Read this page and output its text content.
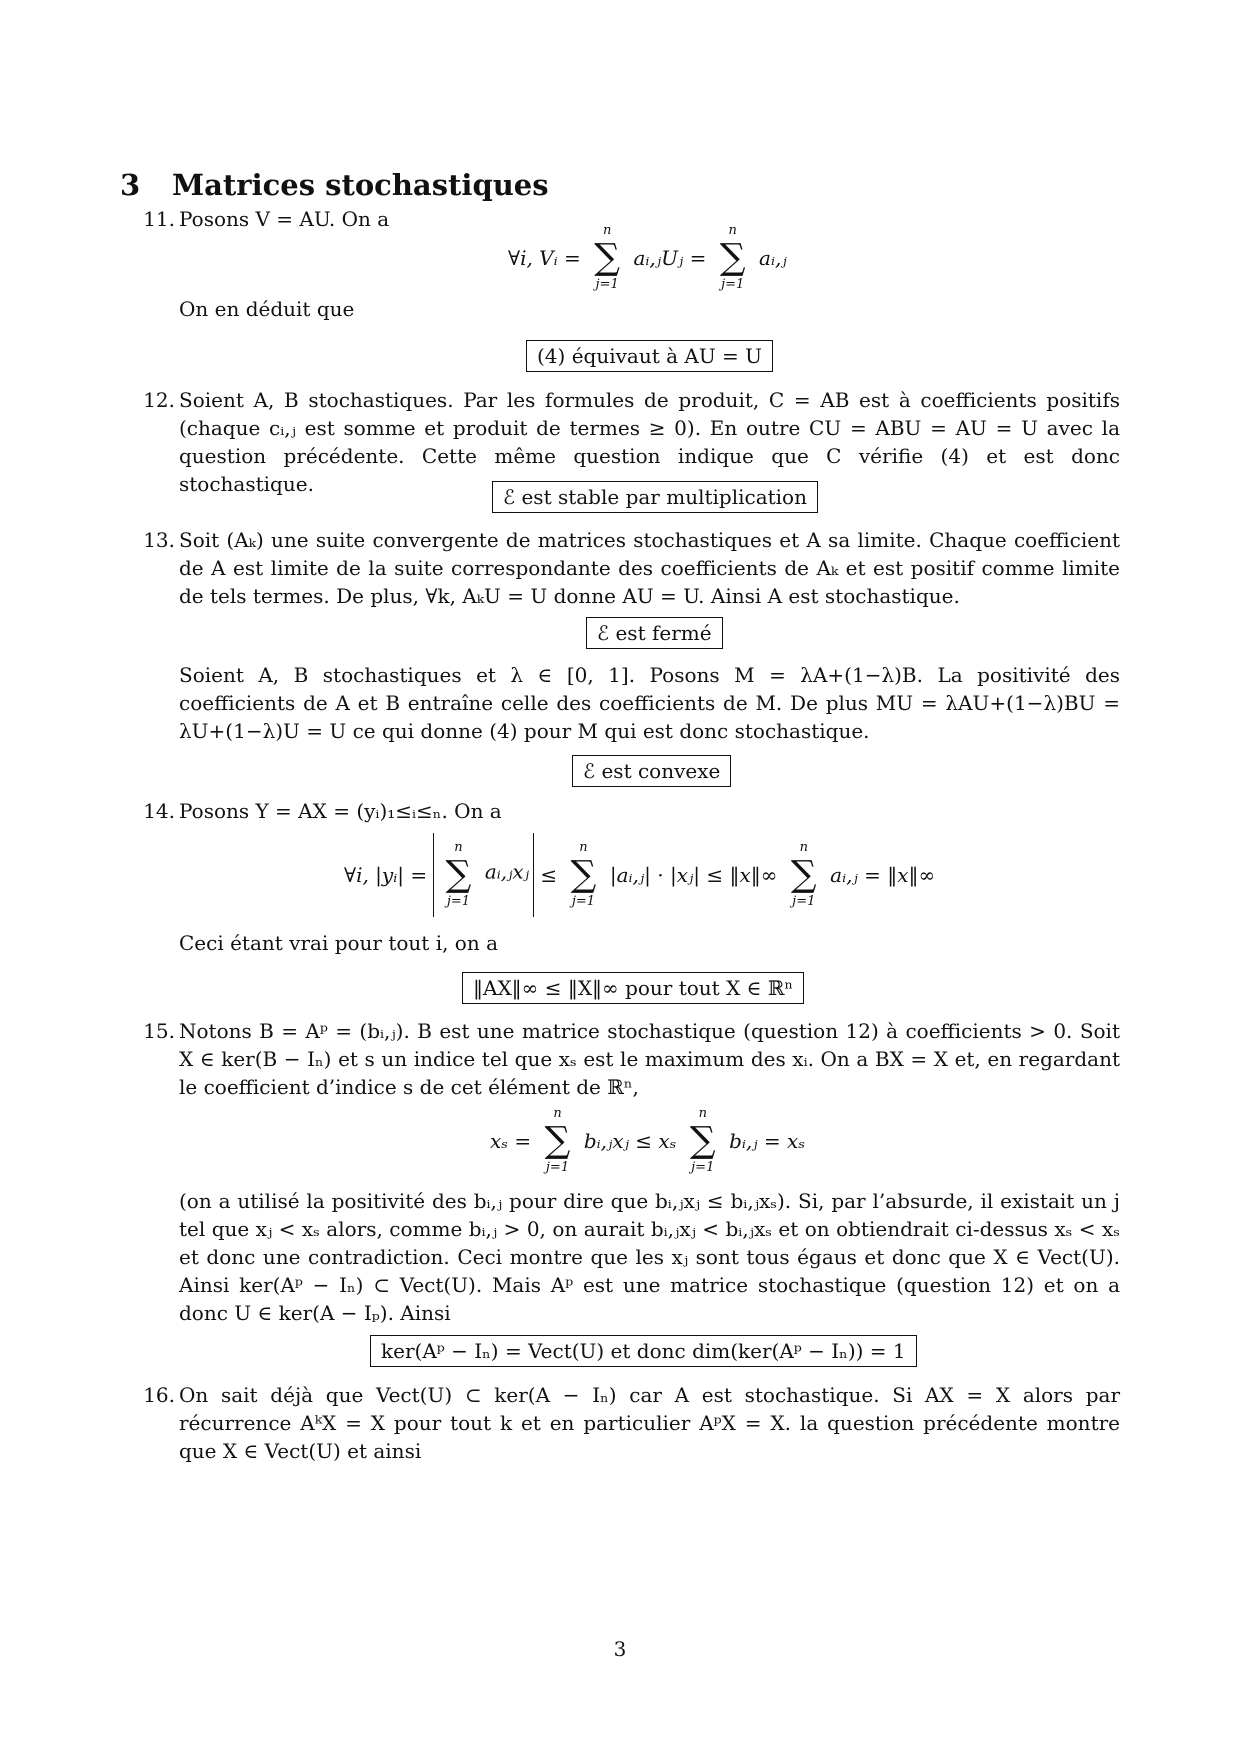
3 Matrices stochastiques
11. Posons V = AU. On a
∀i, Vᵢ =
n
∑
j=1
aᵢ,ⱼUⱼ =
n
∑
j=1
aᵢ,ⱼ
On en déduit que
(4) équivaut à AU = U
12. Soient A, B stochastiques. Par les formules de produit, C = AB est à coefficients positifs (chaque cᵢ,ⱼ est somme et produit de termes ≥ 0). En outre CU = ABU = AU = U avec la question précédente. Cette même question indique que C vérifie (4) et est donc stochastique.
ℰ est stable par multiplication
13. Soit (Aₖ) une suite convergente de matrices stochastiques et A sa limite. Chaque coefficient de A est limite de la suite correspondante des coefficients de Aₖ et est positif comme limite de tels termes. De plus, ∀k, AₖU = U donne AU = U. Ainsi A est stochastique.
ℰ est fermé
Soient A, B stochastiques et λ ∈ [0, 1]. Posons M = λA+(1−λ)B. La positivité des coefficients de A et B entraîne celle des coefficients de M. De plus MU = λAU+(1−λ)BU = λU+(1−λ)U = U ce qui donne (4) pour M qui est donc stochastique.
ℰ est convexe
14. Posons Y = AX = (yᵢ)₁≤ᵢ≤ₙ. On a
∀i, |yᵢ| =
n
∑
j=1
aᵢ,ⱼxⱼ ≤
n
∑
j=1
|aᵢ,ⱼ| · |xⱼ| ≤ ‖x‖∞
n
∑
j=1
aᵢ,ⱼ = ‖x‖∞
Ceci étant vrai pour tout i, on a
‖AX‖∞ ≤ ‖X‖∞ pour tout X ∈ ℝⁿ
15. Notons B = Aᵖ = (bᵢ,ⱼ). B est une matrice stochastique (question 12) à coefficients > 0. Soit X ∈ ker(B − Iₙ) et s un indice tel que xₛ est le maximum des xᵢ. On a BX = X et, en regardant le coefficient d’indice s de cet élément de ℝⁿ,
xₛ =
n
∑
j=1
bᵢ,ⱼxⱼ ≤ xₛ
n
∑
j=1
bᵢ,ⱼ = xₛ
(on a utilisé la positivité des bᵢ,ⱼ pour dire que bᵢ,ⱼxⱼ ≤ bᵢ,ⱼxₛ). Si, par l’absurde, il existait un j tel que xⱼ < xₛ alors, comme bᵢ,ⱼ > 0, on aurait bᵢ,ⱼxⱼ < bᵢ,ⱼxₛ et on obtiendrait ci-dessus xₛ < xₛ et donc une contradiction. Ceci montre que les xⱼ sont tous égaus et donc que X ∈ Vect(U). Ainsi ker(Aᵖ − Iₙ) ⊂ Vect(U). Mais Aᵖ est une matrice stochastique (question 12) et on a donc U ∈ ker(A − Iₚ). Ainsi
ker(Aᵖ − Iₙ) = Vect(U) et donc dim(ker(Aᵖ − Iₙ)) = 1
16. On sait déjà que Vect(U) ⊂ ker(A − Iₙ) car A est stochastique. Si AX = X alors par récurrence AᵏX = X pour tout k et en particulier AᵖX = X. la question précédente montre que X ∈ Vect(U) et ainsi
3
